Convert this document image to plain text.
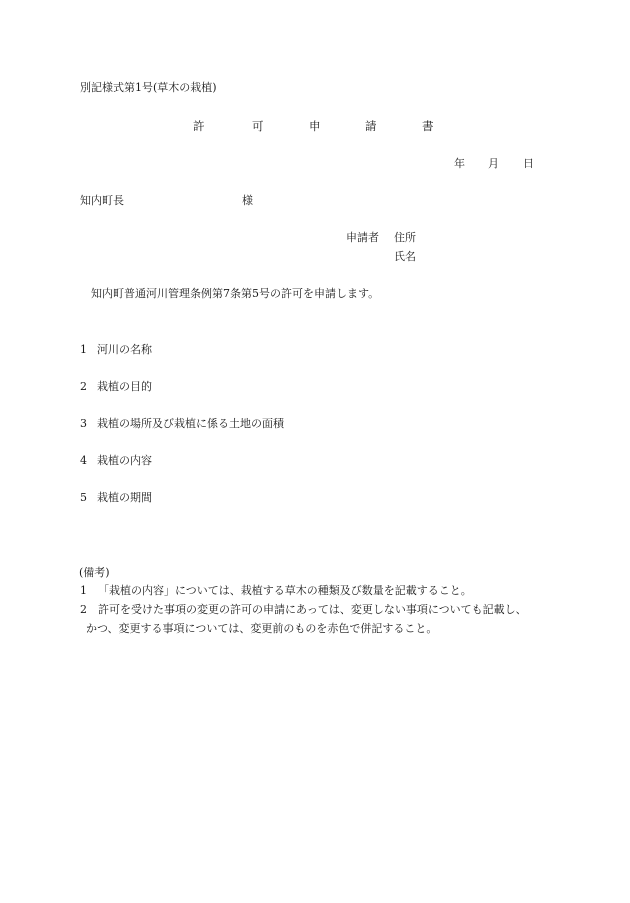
別記様式第1号(草木の栽植)
許	可	申	請	書
年 月 日
知内町長	様
申請者 住所
氏名
知内町普通河川管理条例第7条第5号の許可を申請します。
1 河川の名称
2 栽植の目的
3 栽植の場所及び栽植に係る土地の面積
4 栽植の内容
5 栽植の期間
(備考)
1 「栽植の内容」については、栽植する草木の種類及び数量を記載すること。
2 許可を受けた事項の変更の許可の申請にあっては、変更しない事項についても記載し、
かつ、変更する事項については、変更前のものを赤色で併記すること。
